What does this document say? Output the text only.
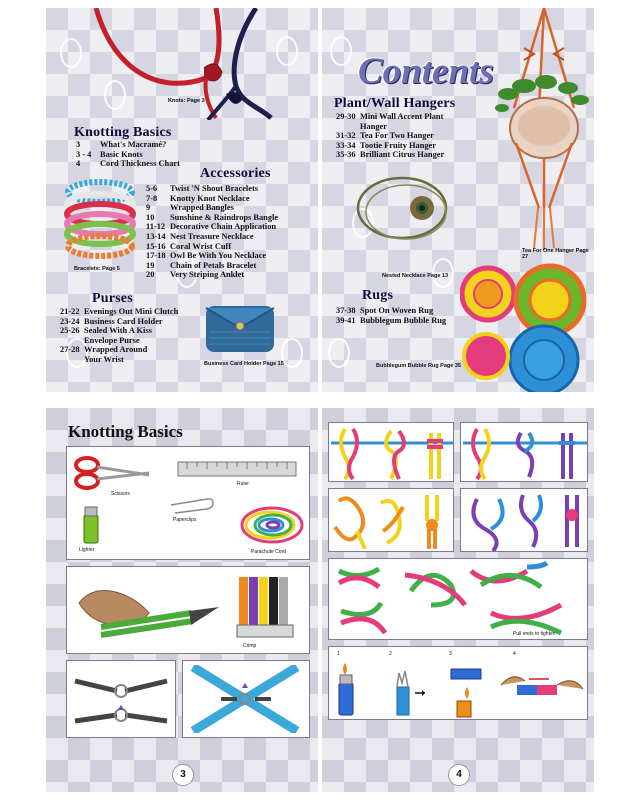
Knots: Page 3
Knotting Basics
3	What's Macramé?
3 - 4	Basic Knots
4	Cord Thickness Chart
Accessories
5-6	Twist 'N Shout Bracelets
7-8	Knotty Knot Necklace
9	Wrapped Bangles
10	Sunshine & Raindrops Bangle
11-12 Decorative Chain Application
13-14 Nest Treasure Necklace
15-16 Coral Wrist Cuff
17-18 Owl Be With You Necklace
19	Chain of Petals Bracelet
20	Very Striping Anklet
Bracelets: Page 5
Purses
21-22 Evenings Out Mini Clutch
23-24 Business Card Holder
25-26 Sealed With A Kiss Envelope Purse
27-28 Wrapped Around Your Wrist
Business Card Holder Page 15
Contents
Tea For One Hanger Page 27
Plant/Wall Hangers
29-30 Mini Wall Accent Plant Hanger
31-32 Tea For Two Hanger
33-34 Tootie Fruity Hanger
35-36 Brilliant Citrus Hanger
Nested Necklace Page 13
Rugs
37-38 Spot On Woven Rug
39-41 Bubblegum Bubble Rug
Bubblegum Bubble Rug Page 35
Knotting Basics
Scissors
Ruler
Paperclips
Lighter	Parachute Cord
Crimp
3
Pull ends to tighten
1	2	3	4
4
